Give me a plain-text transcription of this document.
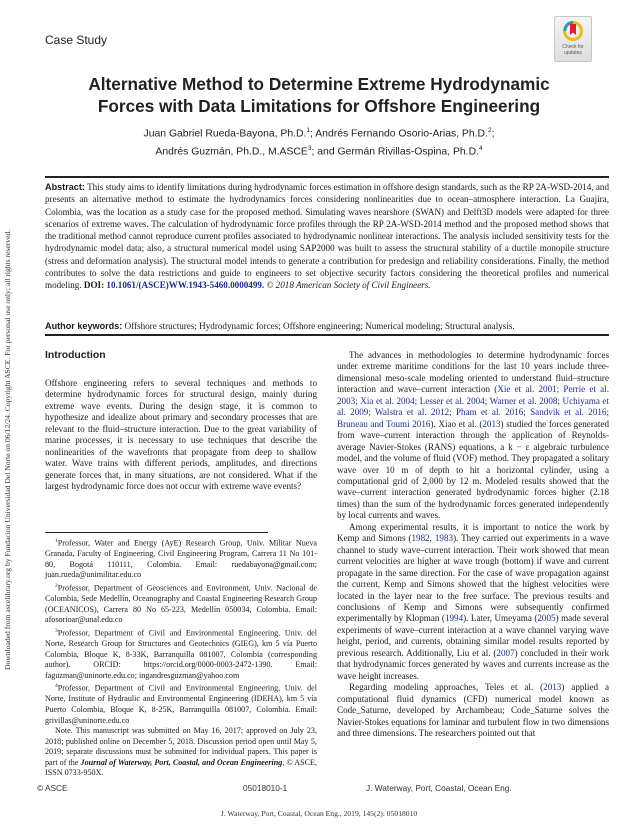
Downloaded from ascelibrary.org by Fundacion Universidad Del Norte on 06/12/24. Copyright ASCE. For personal use only; all rights reserved.
Case Study	Check for
updates
Alternative Method to Determine Extreme Hydrodynamic
Forces with Data Limitations for Offshore Engineering
Juan Gabriel Rueda-Bayona, Ph.D.$^1$; Andrés Fernando Osorio-Arias, Ph.D.$^2$;
Andrés Guzmán, Ph.D., M.ASCE$^3$; and Germán Rivillas-Ospina, Ph.D.$^4$
Abstract: This study aims to identify limitations during hydrodynamic forces estimation in offshore design standards, such as the RP 2A-WSD-2014, and presents an alternative method to estimate the hydrodynamics forces considering nonlinearities due to ocean–atmosphere interaction. La Guajira, Colombia, was the location as a study case for the proposed method. Simulating waves nearshore (SWAN) and Delft3D models were adapted for three scenarios of extreme waves. The calculation of hydrodynamic force profiles through the RP 2A-WSD-2014 method and the proposed method shows that the traditional method cannot reproduce current profiles associated to hydrodynamic nonlinear interactions. The analysis included sensitivity tests for the hydrodynamic model data; also, a structural numerical model using SAP2000 was built to assess the structural stability of a ductile monopile structure (stress and deformation analysis). The structural model intends to generate a contribution for predesign and reliability considerations. Finally, the method contributes to solve the data restrictions and guide to engineers to set objective security factors considering the theoretical profiles and numerical modeling. DOI: 10.1061/(ASCE)WW.1943-5460.0000499. © 2018 American Society of Civil Engineers.
Author keywords: Offshore structures; Hydrodynamic forces; Offshore engineering; Numerical modeling; Structural analysis.
Introduction

Offshore engineering refers to several techniques and methods to determine hydrodynamic forces for structural design, mainly during extreme wave events. During the design stage, it is common to hypothesize and idealize about primary and secondary processes that are relevant to the fluid–structure interaction. Due to the great variability of marine processes, it is necessary to use techniques that describe the nonlinearities of the wavefronts that propagate from deep to shallow water. Wave trains with different periods, amplitudes, and directions generate forces that, in many situations, are not considered. What if the largest hydrodynamic force does not occur with extreme wave events?

$^1$Professor, Water and Energy (AyE) Research Group, Univ. Militar Nueva Granada, Faculty of Engineering, Civil Engineering Program, Carrera 11 No 101-80, Bogotá 110111, Colombia. Email: ruedabayona@gmail.com; juan.rueda@unimilitar.edu.co

$^2$Professor, Department of Geosciences and Environment, Univ. Nacional de Colombia, Sede Medellín, Oceanography and Coastal Engineering Research Group (OCEANICOS), Carrera 80 No 65-223, Medellín 050034, Colombia. Email: afosorioar@unal.edu.co

$^3$Professor, Department of Civil and Environmental Engineering, Univ. del Norte, Research Group for Structures and Geotechnics (GIEG), km 5 vía Puerto Colombia, Bloque K, 8-33K, Barranquilla 081007, Colombia (corresponding author). ORCID: https://orcid.org/0000-0003-2472-1390. Email: faguzman@uninorte.edu.co; ingandresguzman@yahoo.com

$^4$Professor, Department of Civil and Environmental Engineering, Univ. del Norte, Institute of Hydraulic and Environmental Engineering (IDEHA), km 5 vía Puerto Colombia, Bloque K, 8-25K, Barranquilla 081007, Colombia. Email: grivillas@uninorte.edu.co

Note. This manuscript was submitted on May 16, 2017; approved on July 23, 2018; published online on December 5, 2018. Discussion period open until May 5, 2019; separate discussions must be submitted for individual papers. This paper is part of the Journal of Waterway, Port, Coastal, and Ocean Engineering, © ASCE, ISSN 0733-950X.

The advances in methodologies to determine hydrodynamic forces under extreme maritime conditions for the last 10 years include three-dimensional meso-scale modeling oriented to understand fluid–structure interaction and wave–current interaction (Xie et al. 2001; Perrie et al. 2003; Xia et al. 2004; Lesser et al. 2004; Warner et al. 2008; Uchiyama et al. 2009; Walstra et al. 2012; Pham et al. 2016; Sandvik et al. 2016; Bruneau and Toumi 2016). Xiao et al. (2013) studied the forces generated from wave–current interaction through the application of Reynolds-average Navier-Stokes (RANS) equations, a k − ε algebraic turbulence model, and the volume of fluid (VOF) method. They propagated a solitary wave over 10 m of depth to hit a horizontal cylinder, using a computational grid of 2,000 by 12 m. Modeled results showed that the wave–current interaction generated hydrodynamic forces higher (2.18 times) than the sum of the hydrodynamic forces generated independently by local currents and waves.

Among experimental results, it is important to notice the work by Kemp and Simons (1982, 1983). They carried out experiments in a wave channel to study wave–current interaction. Their work showed that mean current velocities are higher at wave trough (bottom) if wave and current propagate in the same direction. For the case of wave propagation against the current, Kemp and Simons showed that the highest velocities were located in the layer near to the free surface. The previous results and conclusions of Kemp and Simons were subsequently confirmed experimentally by Klopman (1994). Later, Umeyama (2005) made several experiments of wave–current interaction at a wave channel varying wave height, period, and currents, obtaining similar model results reported by previous research. Additionally, Liu et al. (2007) concluded in their work that hydrodynamic forces generated by waves and currents increase as the wave height increases.

Regarding modeling approaches, Teles et al. (2013) applied a computational fluid dynamics (CFD) numerical model known as Code_Saturne, developed by Archambeau; Code_Saturne solves the Navier-Stokes equations for laminar and turbulent flow in two dimensions and three dimensions. The researchers pointed out that

© ASCE	05018010-1	J. Waterway, Port, Coastal, Ocean Eng.
J. Waterway, Port, Coastal, Ocean Eng., 2019, 145(2): 05018010
